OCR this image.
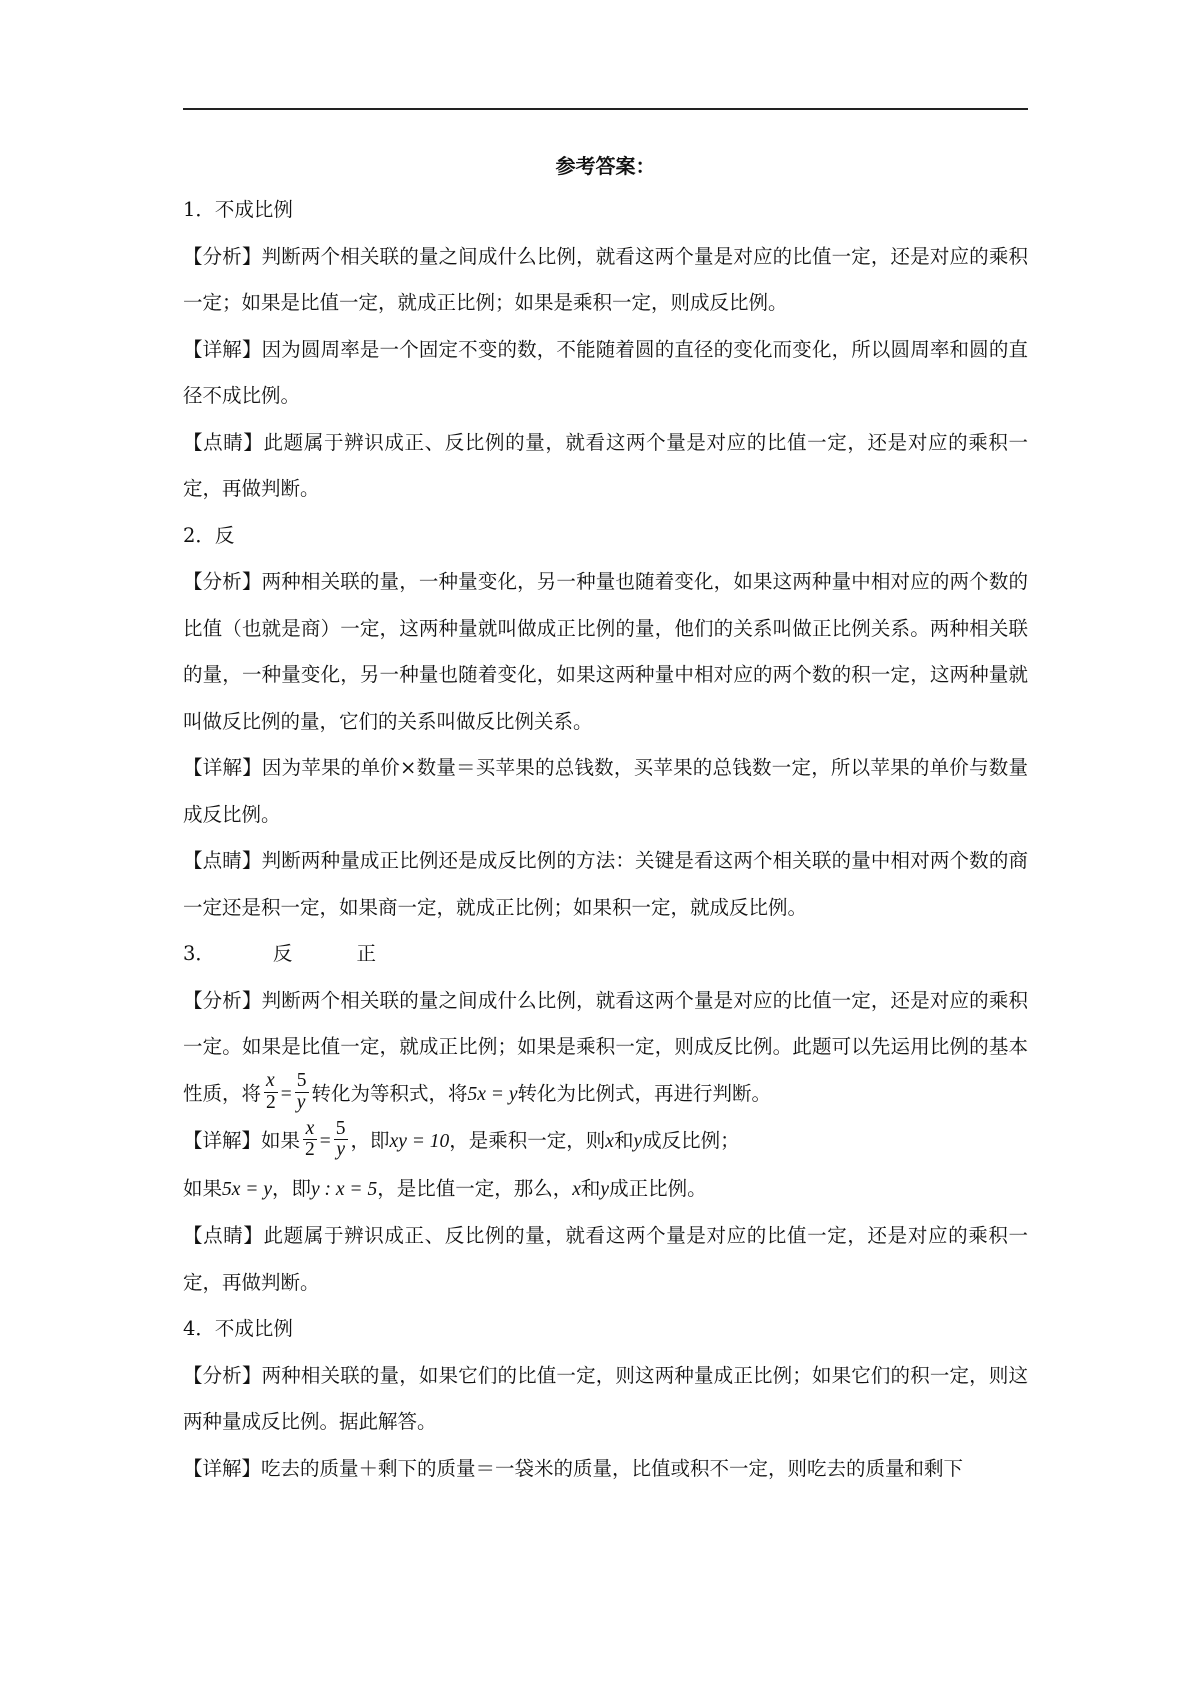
参考答案：

1．不成比例

【分析】判断两个相关联的量之间成什么比例，就看这两个量是对应的比值一定，还是对应的乘积一定；如果是比值一定，就成正比例；如果是乘积一定，则成反比例。

【详解】因为圆周率是一个固定不变的数，不能随着圆的直径的变化而变化，所以圆周率和圆的直径不成比例。

【点睛】此题属于辨识成正、反比例的量，就看这两个量是对应的比值一定，还是对应的乘积一定，再做判断。

2．反

【分析】两种相关联的量，一种量变化，另一种量也随着变化，如果这两种量中相对应的两个数的比值（也就是商）一定，这两种量就叫做成正比例的量，他们的关系叫做正比例关系。两种相关联的量，一种量变化，另一种量也随着变化，如果这两种量中相对应的两个数的积一定，这两种量就叫做反比例的量，它们的关系叫做反比例关系。

【详解】因为苹果的单价×数量＝买苹果的总钱数，买苹果的总钱数一定，所以苹果的单价与数量成反比例。

【点睛】判断两种量成正比例还是成反比例的方法：关键是看这两个相关联的量中相对两个数的商一定还是积一定，如果商一定，就成正比例；如果积一定，就成反比例。

3．	反	正

【分析】判断两个相关联的量之间成什么比例，就看这两个量是对应的比值一定，还是对应的乘积一定。如果是比值一定，就成正比例；如果是乘积一定，则成反比例。此题可以先运用比例的基本性质，将 $\frac{x}{2} = \frac{5}{y}$ 转化为等积式，将5x = y转化为比例式，再进行判断。

【详解】如果 $\frac{x}{2} = \frac{5}{y}$ ，即xy = 10，是乘积一定，则x和y成反比例；

如果5x = y，即y : x = 5，是比值一定，那么，x和y成正比例。

【点睛】此题属于辨识成正、反比例的量，就看这两个量是对应的比值一定，还是对应的乘积一定，再做判断。

4．不成比例

【分析】两种相关联的量，如果它们的比值一定，则这两种量成正比例；如果它们的积一定，则这两种量成反比例。据此解答。

【详解】吃去的质量＋剩下的质量＝一袋米的质量，比值或积不一定，则吃去的质量和剩下
